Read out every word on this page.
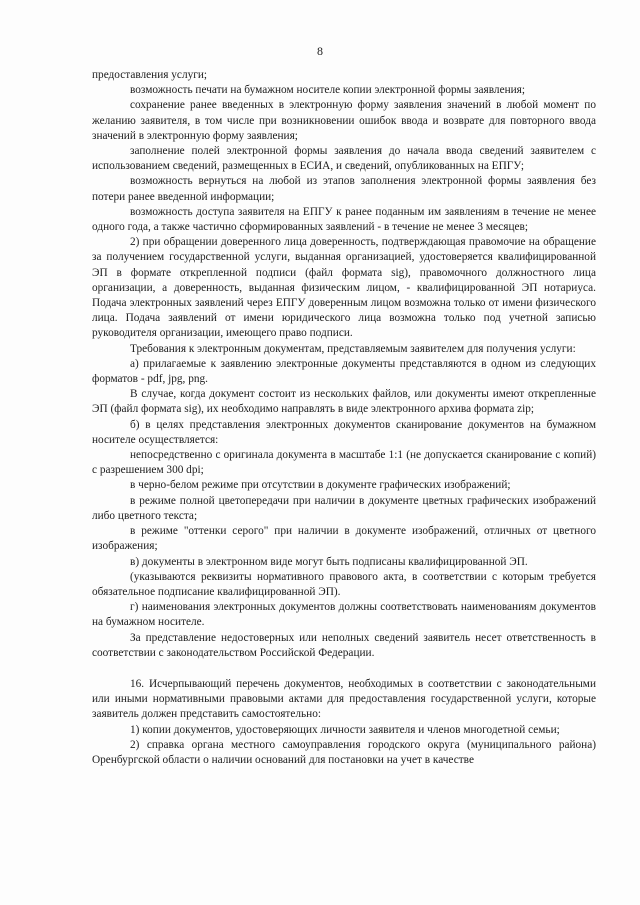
8

предоставления услуги;

возможность печати на бумажном носителе копии электронной формы заявления;

сохранение ранее введенных в электронную форму заявления значений в любой момент по желанию заявителя, в том числе при возникновении ошибок ввода и возврате для повторного ввода значений в электронную форму заявления;

заполнение полей электронной формы заявления до начала ввода сведений заявителем с использованием сведений, размещенных в ЕСИА, и сведений, опубликованных на ЕПГУ;

возможность вернуться на любой из этапов заполнения электронной формы заявления без потери ранее введенной информации;

возможность доступа заявителя на ЕПГУ к ранее поданным им заявлениям в течение не менее одного года, а также частично сформированных заявлений - в течение не менее 3 месяцев;

2) при обращении доверенного лица доверенность, подтверждающая правомочие на обращение за получением государственной услуги, выданная организацией, удостоверяется квалифицированной ЭП в формате открепленной подписи (файл формата sig), правомочного должностного лица организации, а доверенность, выданная физическим лицом, - квалифицированной ЭП нотариуса. Подача электронных заявлений через ЕПГУ доверенным лицом возможна только от имени физического лица. Подача заявлений от имени юридического лица возможна только под учетной записью руководителя организации, имеющего право подписи.

Требования к электронным документам, представляемым заявителем для получения услуги:

а) прилагаемые к заявлению электронные документы представляются в одном из следующих форматов - pdf, jpg, png.

В случае, когда документ состоит из нескольких файлов, или документы имеют открепленные ЭП (файл формата sig), их необходимо направлять в виде электронного архива формата zip;

б) в целях представления электронных документов сканирование документов на бумажном носителе осуществляется:

непосредственно с оригинала документа в масштабе 1:1 (не допускается сканирование с копий) с разрешением 300 dpi;

в черно-белом режиме при отсутствии в документе графических изображений;

в режиме полной цветопередачи при наличии в документе цветных графических изображений либо цветного текста;

в режиме "оттенки серого" при наличии в документе изображений, отличных от цветного изображения;

в) документы в электронном виде могут быть подписаны квалифицированной ЭП.

(указываются реквизиты нормативного правового акта, в соответствии с которым требуется обязательное подписание квалифицированной ЭП).

г) наименования электронных документов должны соответствовать наименованиям документов на бумажном носителе.

За представление недостоверных или неполных сведений заявитель несет ответственность в соответствии с законодательством Российской Федерации.

16. Исчерпывающий перечень документов, необходимых в соответствии с законодательными или иными нормативными правовыми актами для предоставления государственной услуги, которые заявитель должен представить самостоятельно:

1) копии документов, удостоверяющих личности заявителя и членов многодетной семьи;

2) справка органа местного самоуправления городского округа (муниципального района) Оренбургской области о наличии оснований для постановки на учет в качестве
